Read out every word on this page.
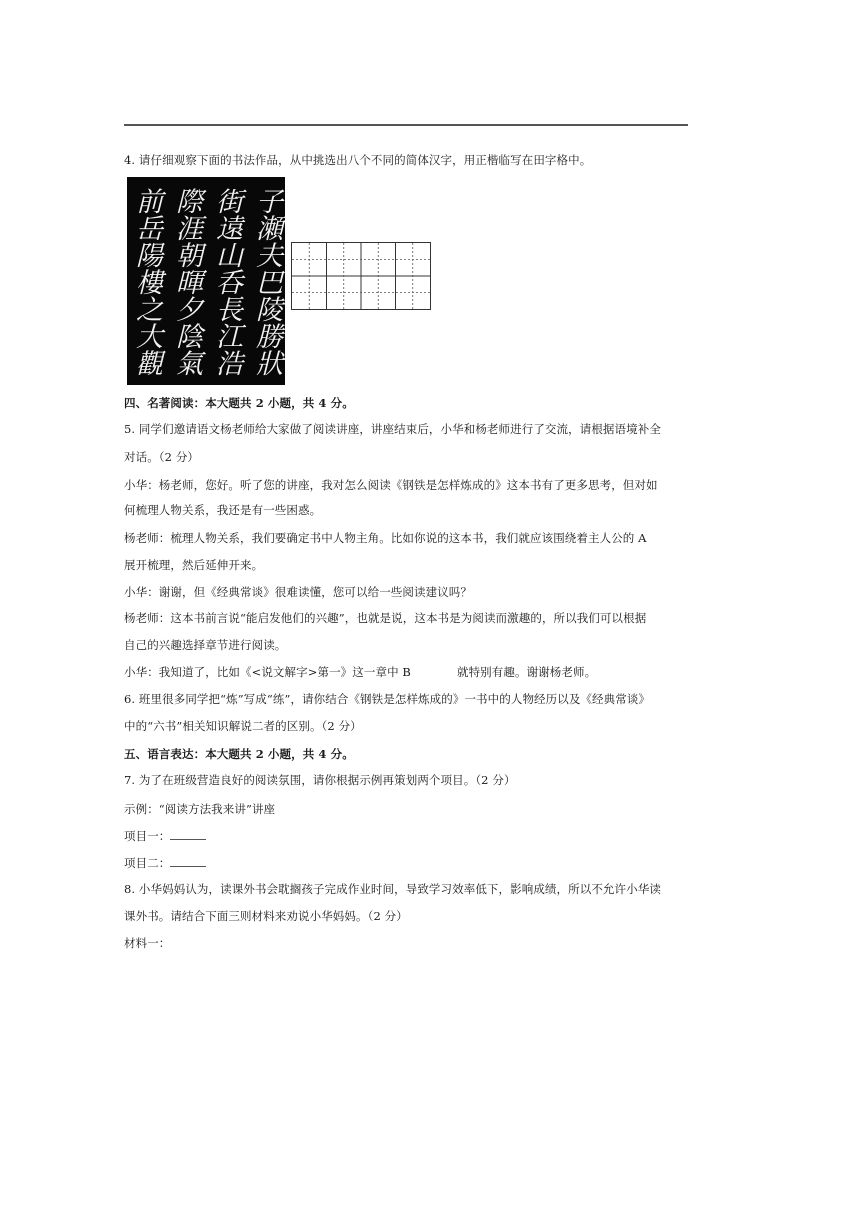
4. 请仔细观察下面的书法作品，从中挑选出八个不同的简体汉字，用正楷临写在田字格中。
子瀬夫巴陵勝狀
街遠山呑長江浩
際涯朝暉夕陰氣
前岳陽樓之大觀
四、名著阅读：本大题共 2 小题，共 4 分。
5. 同学们邀请语文杨老师给大家做了阅读讲座，讲座结束后，小华和杨老师进行了交流，请根据语境补全
对话。（2 分）
小华：杨老师，您好。听了您的讲座，我对怎么阅读《钢铁是怎样炼成的》这本书有了更多思考，但对如
何梳理人物关系，我还是有一些困惑。
杨老师：梳理人物关系，我们要确定书中人物主角。比如你说的这本书，我们就应该围绕着主人公的 A
展开梳理，然后延伸开来。
小华：谢谢，但《经典常谈》很难读懂，您可以给一些阅读建议吗？
杨老师：这本书前言说“能启发他们的兴趣”，也就是说，这本书是为阅读而激趣的，所以我们可以根据
自己的兴趣选择章节进行阅读。
小华：我知道了，比如《<说文解字>第一》这一章中 B	就特别有趣。谢谢杨老师。
6. 班里很多同学把“炼”写成“练”，请你结合《钢铁是怎样炼成的》一书中的人物经历以及《经典常谈》
中的“六书”相关知识解说二者的区别。（2 分）
五、语言表达：本大题共 2 小题，共 4 分。
7. 为了在班级营造良好的阅读氛围，请你根据示例再策划两个项目。（2 分）
示例：“阅读方法我来讲”讲座
项目一：
项目二：
8. 小华妈妈认为，读课外书会耽搁孩子完成作业时间，导致学习效率低下，影响成绩，所以不允许小华读
课外书。请结合下面三则材料来劝说小华妈妈。（2 分）
材料一：
